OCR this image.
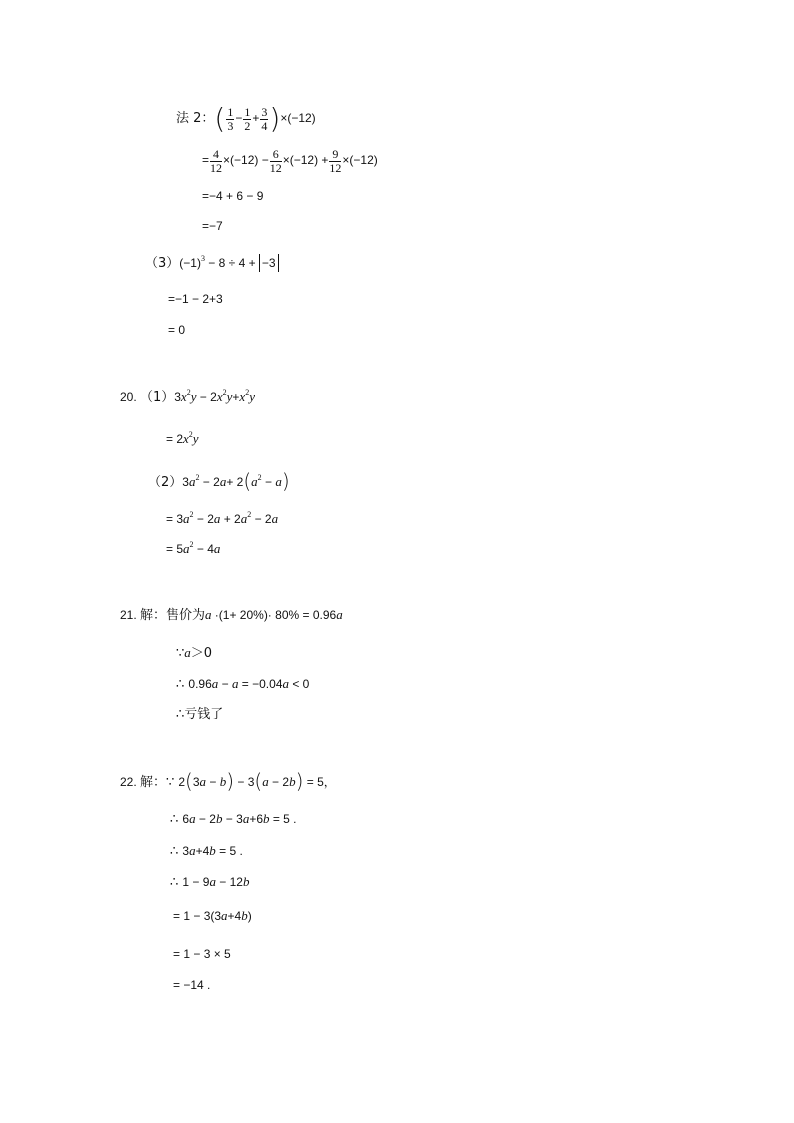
法 2：( $\frac{1}{3} - \frac{1}{2} + \frac{3}{4} )\times(-12)$
= $\frac{4}{12} \times(-12) - \frac{6}{12} \times(-12) + \frac{9}{12} \times(-12)$
=−4 + 6 − 9
=−7
$(3)(-1)^3 - 8 \div 4 + -3$
=−1 − 2+3
= 0
20. $(1)3x^2y - 2x^2y+x^2y$
= $2x^2y$
$(2)3a^2 - 2a+ 2(a^2 - a)$
= $3a^2 - 2a + 2a^2 - 2a$
= $5a^2 - 4a$
21. 解：售价为a ·(1+ 20%)· 80% = 0.96a
∵a＞0
∴ 0.96a − a = −0.04a < 0
∴亏钱了
22. 解：∵ 2(3a − b) − 3(a − 2b) = 5，
∴ 6a − 2b − 3a+6b = 5 .
∴ 3a+4b = 5 .
∴ 1 − 9a − 12b
= 1 − 3(3a+4b)
= 1 − 3 × 5
= −14 .
